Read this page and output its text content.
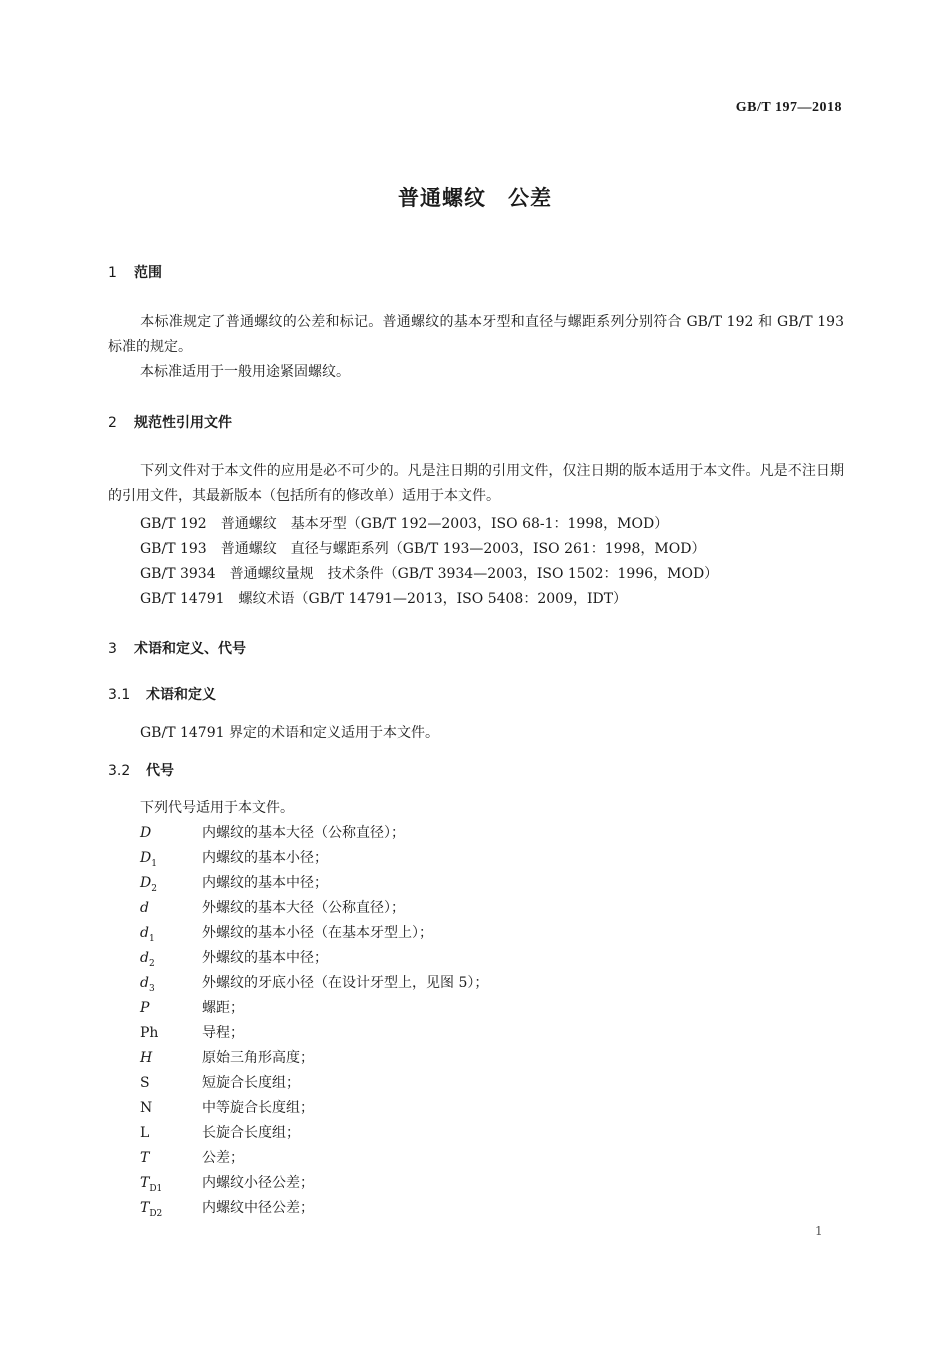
GB/T 197—2018
普通螺纹　公差
1 范围
本标准规定了普通螺纹的公差和标记。普通螺纹的基本牙型和直径与螺距系列分别符合 GB/T 192 和 GB/T 193 标准的规定。
本标准适用于一般用途紧固螺纹。
2 规范性引用文件
下列文件对于本文件的应用是必不可少的。凡是注日期的引用文件，仅注日期的版本适用于本文件。凡是不注日期的引用文件，其最新版本（包括所有的修改单）适用于本文件。
GB/T 192　普通螺纹　基本牙型（GB/T 192—2003，ISO 68-1：1998，MOD）
GB/T 193　普通螺纹　直径与螺距系列（GB/T 193—2003，ISO 261：1998，MOD）
GB/T 3934　普通螺纹量规　技术条件（GB/T 3934—2003，ISO 1502：1996，MOD）
GB/T 14791　螺纹术语（GB/T 14791—2013，ISO 5408：2009，IDT）
3 术语和定义、代号
3.1 术语和定义
GB/T 14791 界定的术语和定义适用于本文件。
3.2 代号
下列代号适用于本文件。
D	内螺纹的基本大径（公称直径）；
$D_1$	内螺纹的基本小径；
$D_2$	内螺纹的基本中径；
d	外螺纹的基本大径（公称直径）；
$d_1$	外螺纹的基本小径（在基本牙型上）；
$d_2$	外螺纹的基本中径；
$d_3$	外螺纹的牙底小径（在设计牙型上，见图 5）；
P	螺距；
Ph	导程；
H	原始三角形高度；
S	短旋合长度组；
N	中等旋合长度组；
L	长旋合长度组；
T	公差；
$T_{D1}$	内螺纹小径公差；
$T_{D2}$	内螺纹中径公差；
1
